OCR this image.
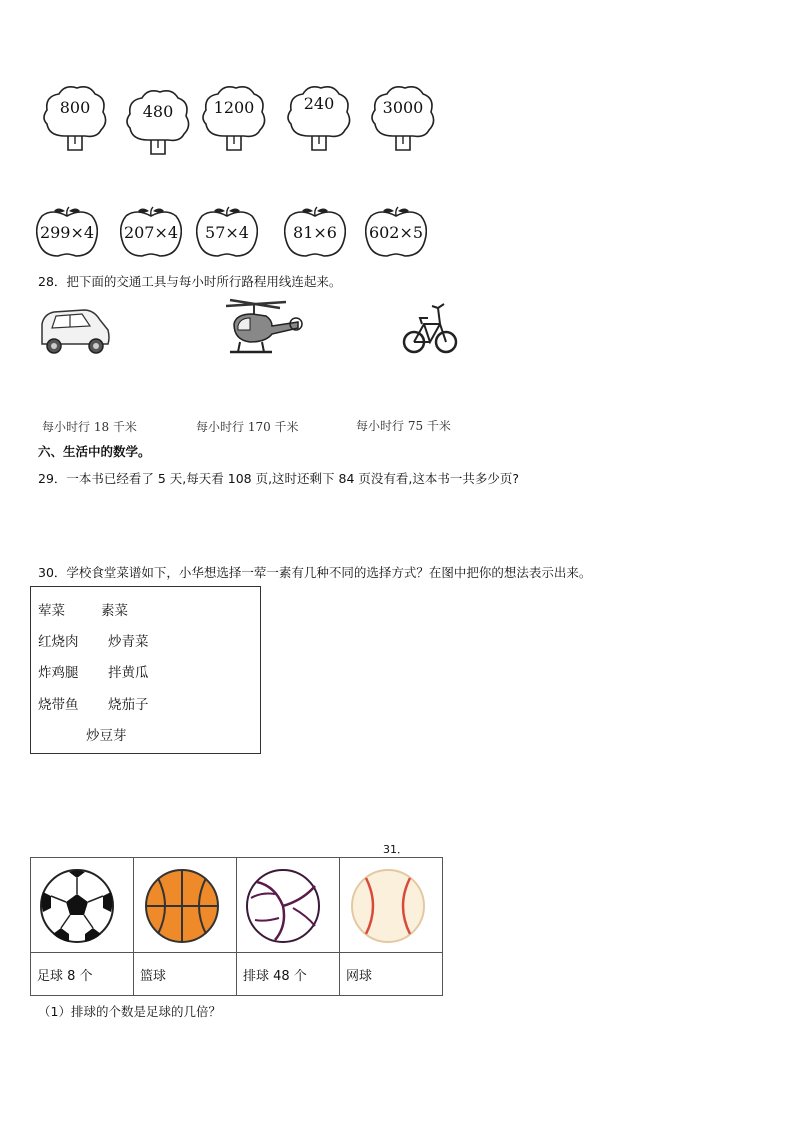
800	480	1200	240	3000
299×4 207×4	57×4	81×6	602×5
28．把下面的交通工具与每小时所行路程用线连起来。
每小时行 18 千米	每小时行 170 千米	每小时行 75 千米
六、生活中的数学。
29．一本书已经看了 5 天,每天看 108 页,这时还剩下 84 页没有看,这本书一共多少页?
30．学校食堂菜谱如下，小华想选择一荤一素有几种不同的选择方式？在图中把你的想法表示出来。
荤菜	素菜
红烧肉 炒青菜
炸鸡腿 拌黄瓜
烧带鱼 烧茄子
炒豆芽
31．

足球 8 个	篮球	排球 48 个	网球
（1）排球的个数是足球的几倍？
